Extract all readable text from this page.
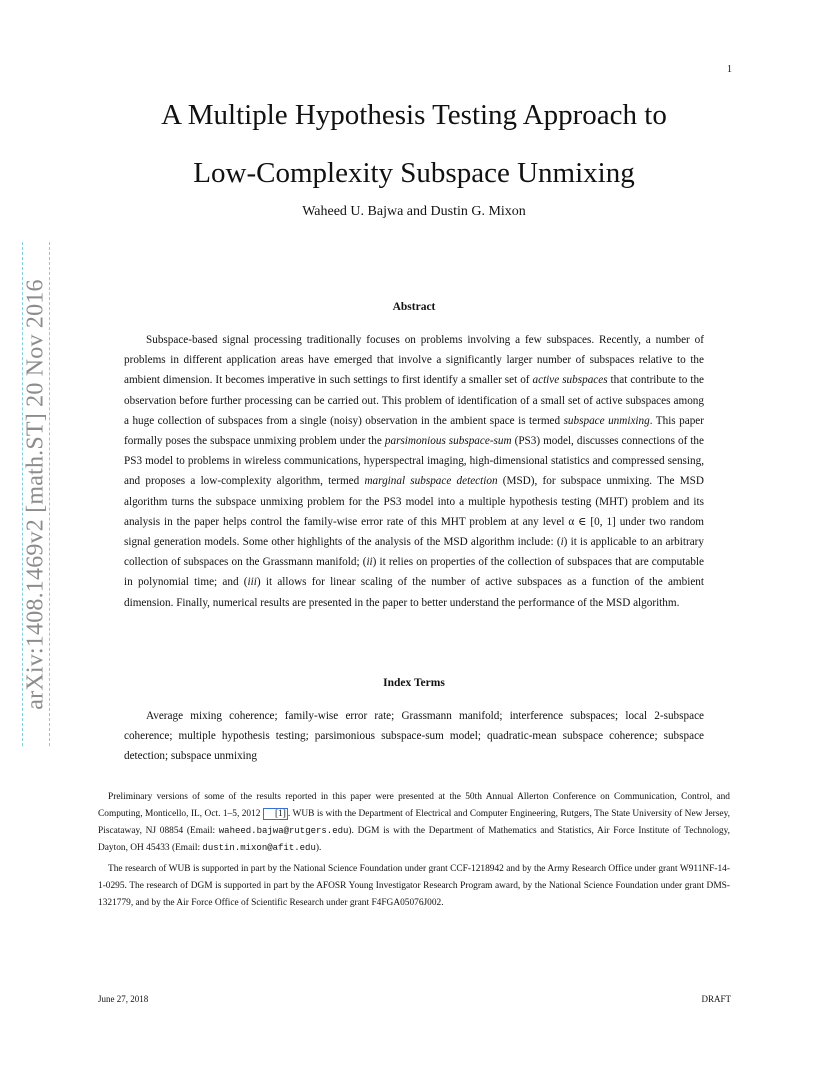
1
A Multiple Hypothesis Testing Approach to
Low-Complexity Subspace Unmixing
Waheed U. Bajwa and Dustin G. Mixon
arXiv:1408.1469v2 [math.ST] 20 Nov 2016	Abstract
Subspace-based signal processing traditionally focuses on problems involving a few subspaces. Recently, a number of problems in different application areas have emerged that involve a significantly larger number of subspaces relative to the ambient dimension. It becomes imperative in such settings to first identify a smaller set of active subspaces that contribute to the observation before further processing can be carried out. This problem of identification of a small set of active subspaces among a huge collection of subspaces from a single (noisy) observation in the ambient space is termed subspace unmixing. This paper formally poses the subspace unmixing problem under the parsimonious subspace-sum (PS3) model, discusses connections of the PS3 model to problems in wireless communications, hyperspectral imaging, high-dimensional statistics and compressed sensing, and proposes a low-complexity algorithm, termed marginal subspace detection (MSD), for subspace unmixing. The MSD algorithm turns the subspace unmixing problem for the PS3 model into a multiple hypothesis testing (MHT) problem and its analysis in the paper helps control the family-wise error rate of this MHT problem at any level α ∈ [0, 1] under two random signal generation models. Some other highlights of the analysis of the MSD algorithm include: (i) it is applicable to an arbitrary collection of subspaces on the Grassmann manifold; (ii) it relies on properties of the collection of subspaces that are computable in polynomial time; and (iii) it allows for linear scaling of the number of active subspaces as a function of the ambient dimension. Finally, numerical results are presented in the paper to better understand the performance of the MSD algorithm.
Index Terms
Average mixing coherence; family-wise error rate; Grassmann manifold; interference subspaces; local 2-subspace coherence; multiple hypothesis testing; parsimonious subspace-sum model; quadratic-mean subspace coherence; subspace detection; subspace unmixing
Preliminary versions of some of the results reported in this paper were presented at the 50th Annual Allerton Conference on Communication, Control, and Computing, Monticello, IL, Oct. 1–5, 2012 [1] . WUB is with the Department of Electrical and Computer Engineering, Rutgers, The State University of New Jersey, Piscataway, NJ 08854 (Email: waheed.bajwa@rutgers.edu). DGM is with the Department of Mathematics and Statistics, Air Force Institute of Technology, Dayton, OH 45433 (Email: dustin.mixon@afit.edu).
The research of WUB is supported in part by the National Science Foundation under grant CCF-1218942 and by the Army Research Office under grant W911NF-14-1-0295. The research of DGM is supported in part by the AFOSR Young Investigator Research Program award, by the National Science Foundation under grant DMS-1321779, and by the Air Force Office of Scientific Research under grant F4FGA05076J002.
June 27, 2018	DRAFT
